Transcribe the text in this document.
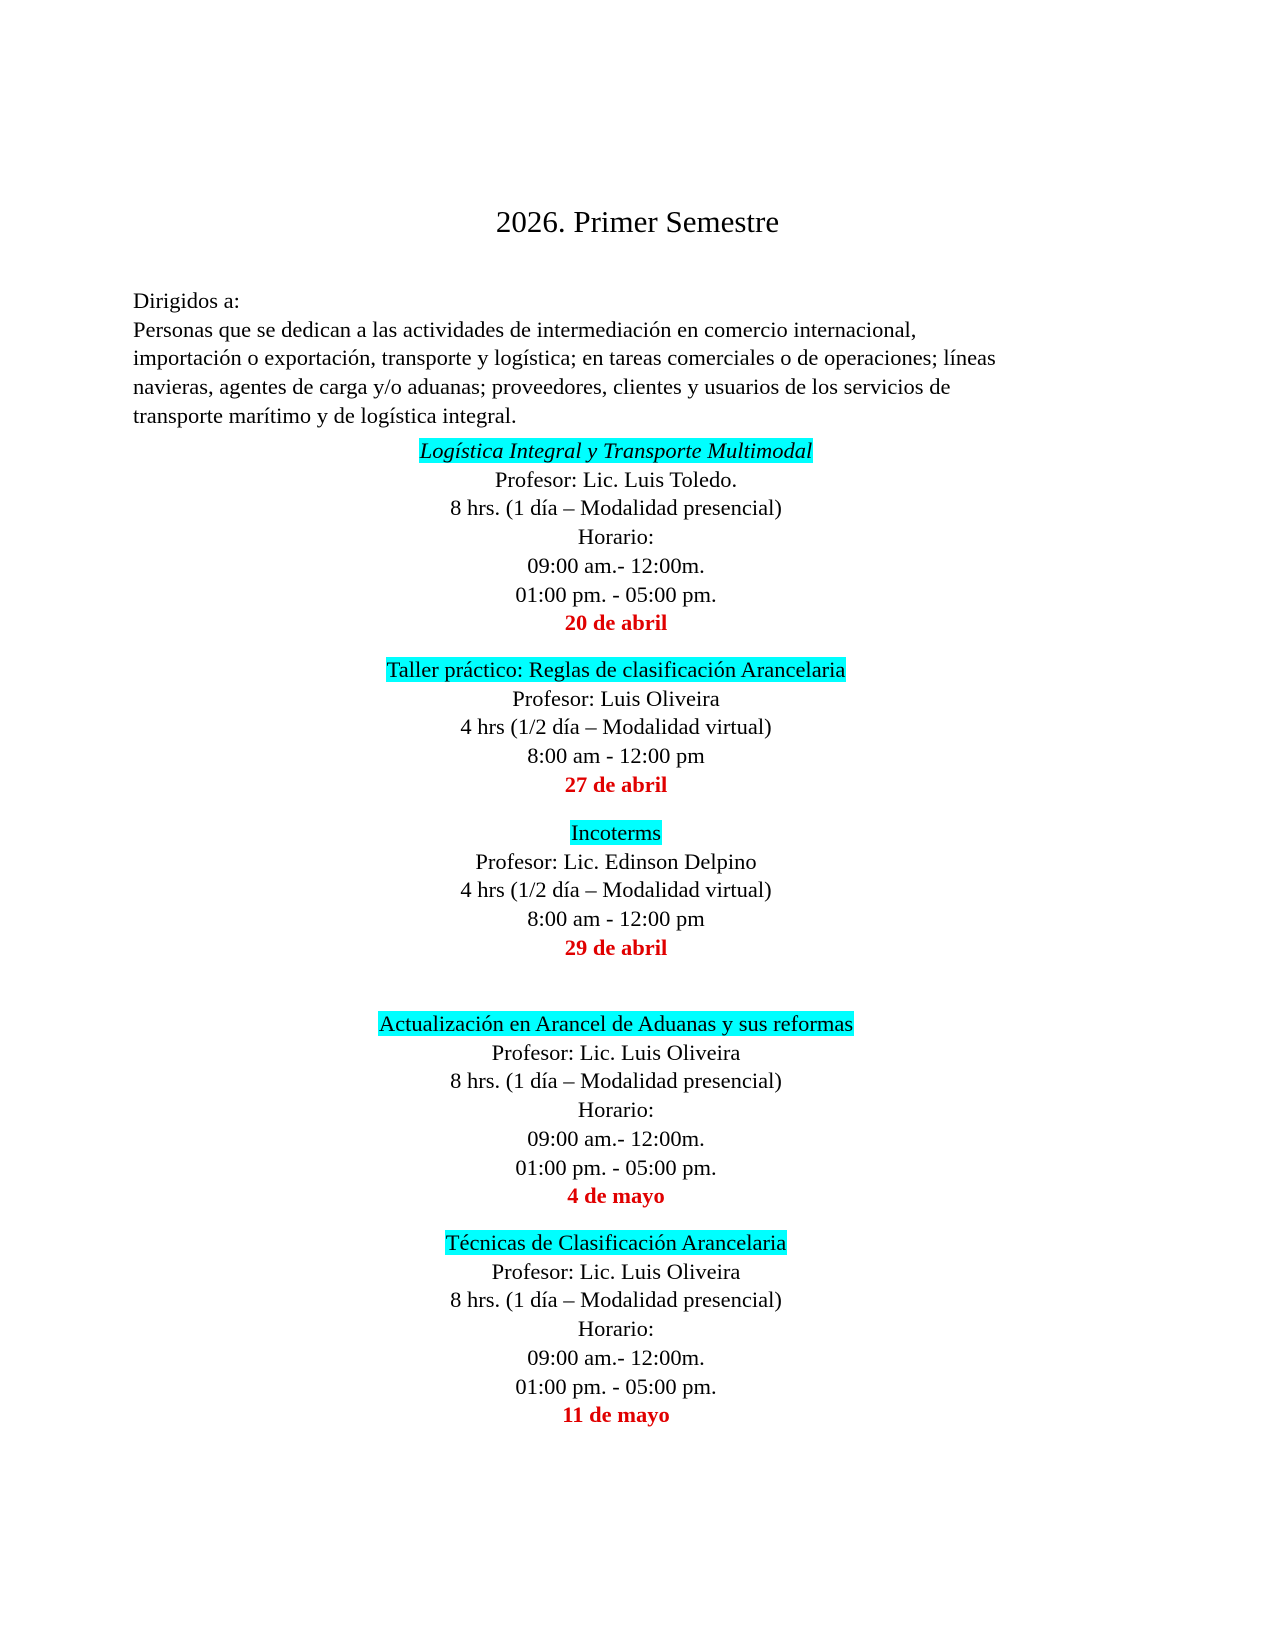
2026. Primer Semestre
Dirigidos a:
Personas que se dedican a las actividades de intermediación en comercio internacional,
importación o exportación, transporte y logística; en tareas comerciales o de operaciones; líneas
navieras, agentes de carga y/o aduanas; proveedores, clientes y usuarios de los servicios de
transporte marítimo y de logística integral.
Logística Integral y Transporte Multimodal
Profesor: Lic. Luis Toledo.
8 hrs. (1 día – Modalidad presencial)
Horario:
09:00 am.- 12:00m.
01:00 pm. - 05:00 pm.
20 de abril
Taller práctico: Reglas de clasificación Arancelaria
Profesor: Luis Oliveira
4 hrs (1/2 día – Modalidad virtual)
8:00 am - 12:00 pm
27 de abril
Incoterms
Profesor: Lic. Edinson Delpino
4 hrs (1/2 día – Modalidad virtual)
8:00 am - 12:00 pm
29 de abril
Actualización en Arancel de Aduanas y sus reformas
Profesor: Lic. Luis Oliveira
8 hrs. (1 día – Modalidad presencial)
Horario:
09:00 am.- 12:00m.
01:00 pm. - 05:00 pm.
4 de mayo
Técnicas de Clasificación Arancelaria
Profesor: Lic. Luis Oliveira
8 hrs. (1 día – Modalidad presencial)
Horario:
09:00 am.- 12:00m.
01:00 pm. - 05:00 pm.
11 de mayo
